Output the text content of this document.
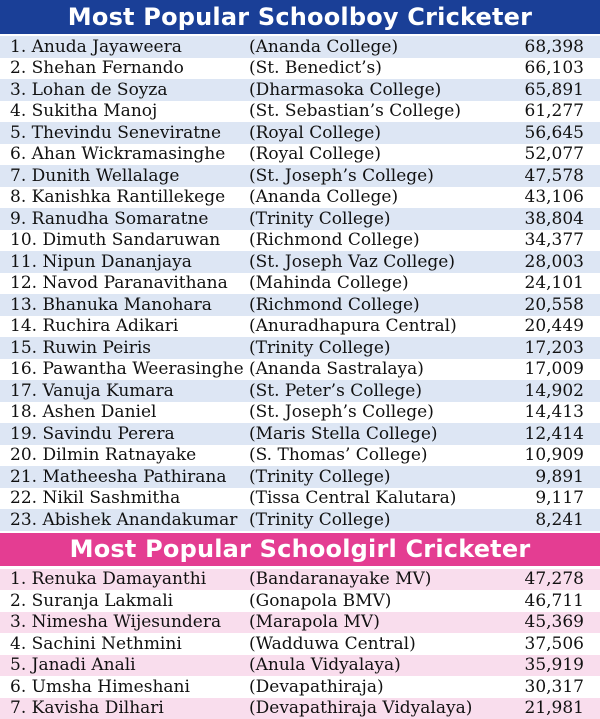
Most Popular Schoolboy Cricketer
1. Anuda Jayaweera	(Ananda College)	68,398
2. Shehan Fernando	(St. Benedict’s)	66,103
3. Lohan de Soyza	(Dharmasoka College)	65,891
4. Sukitha Manoj	(St. Sebastian’s College)	61,277
5. Thevindu Seneviratne (Royal College)	56,645
6. Ahan Wickramasinghe (Royal College)	52,077
7. Dunith Wellalage	(St. Joseph’s College)	47,578
8. Kanishka Rantillekege (Ananda College)	43,106
9. Ranudha Somaratne (Trinity College)	38,804
10. Dimuth Sandaruwan (Richmond College)	34,377
11. Nipun Dananjaya	(St. Joseph Vaz College)	28,003
12. Navod Paranavithana (Mahinda College)	24,101
13. Bhanuka Manohara (Richmond College)	20,558
14. Ruchira Adikari	(Anuradhapura Central)	20,449
15. Ruwin Peiris	(Trinity College)	17,203
16. Pawantha Weerasinghe (Ananda Sastralaya)	17,009
17. Vanuja Kumara	(St. Peter’s College)	14,902
18. Ashen Daniel	(St. Joseph’s College)	14,413
19. Savindu Perera	(Maris Stella College)	12,414
20. Dilmin Ratnayake	(S. Thomas’ College)	10,909
21. Matheesha Pathirana (Trinity College)	9,891
22. Nikil Sashmitha	(Tissa Central Kalutara)	9,117
23. Abishek Anandakumar (Trinity College)	8,241
Most Popular Schoolgirl Cricketer
1. Renuka Damayanthi	(Bandaranayake MV)	47,278
2. Suranja Lakmali	(Gonapola BMV)	46,711
3. Nimesha Wijesundera (Marapola MV)	45,369
4. Sachini Nethmini	(Wadduwa Central)	37,506
5. Janadi Anali	(Anula Vidyalaya)	35,919
6. Umsha Himeshani	(Devapathiraja)	30,317
7. Kavisha Dilhari	(Devapathiraja Vidyalaya)	21,981
